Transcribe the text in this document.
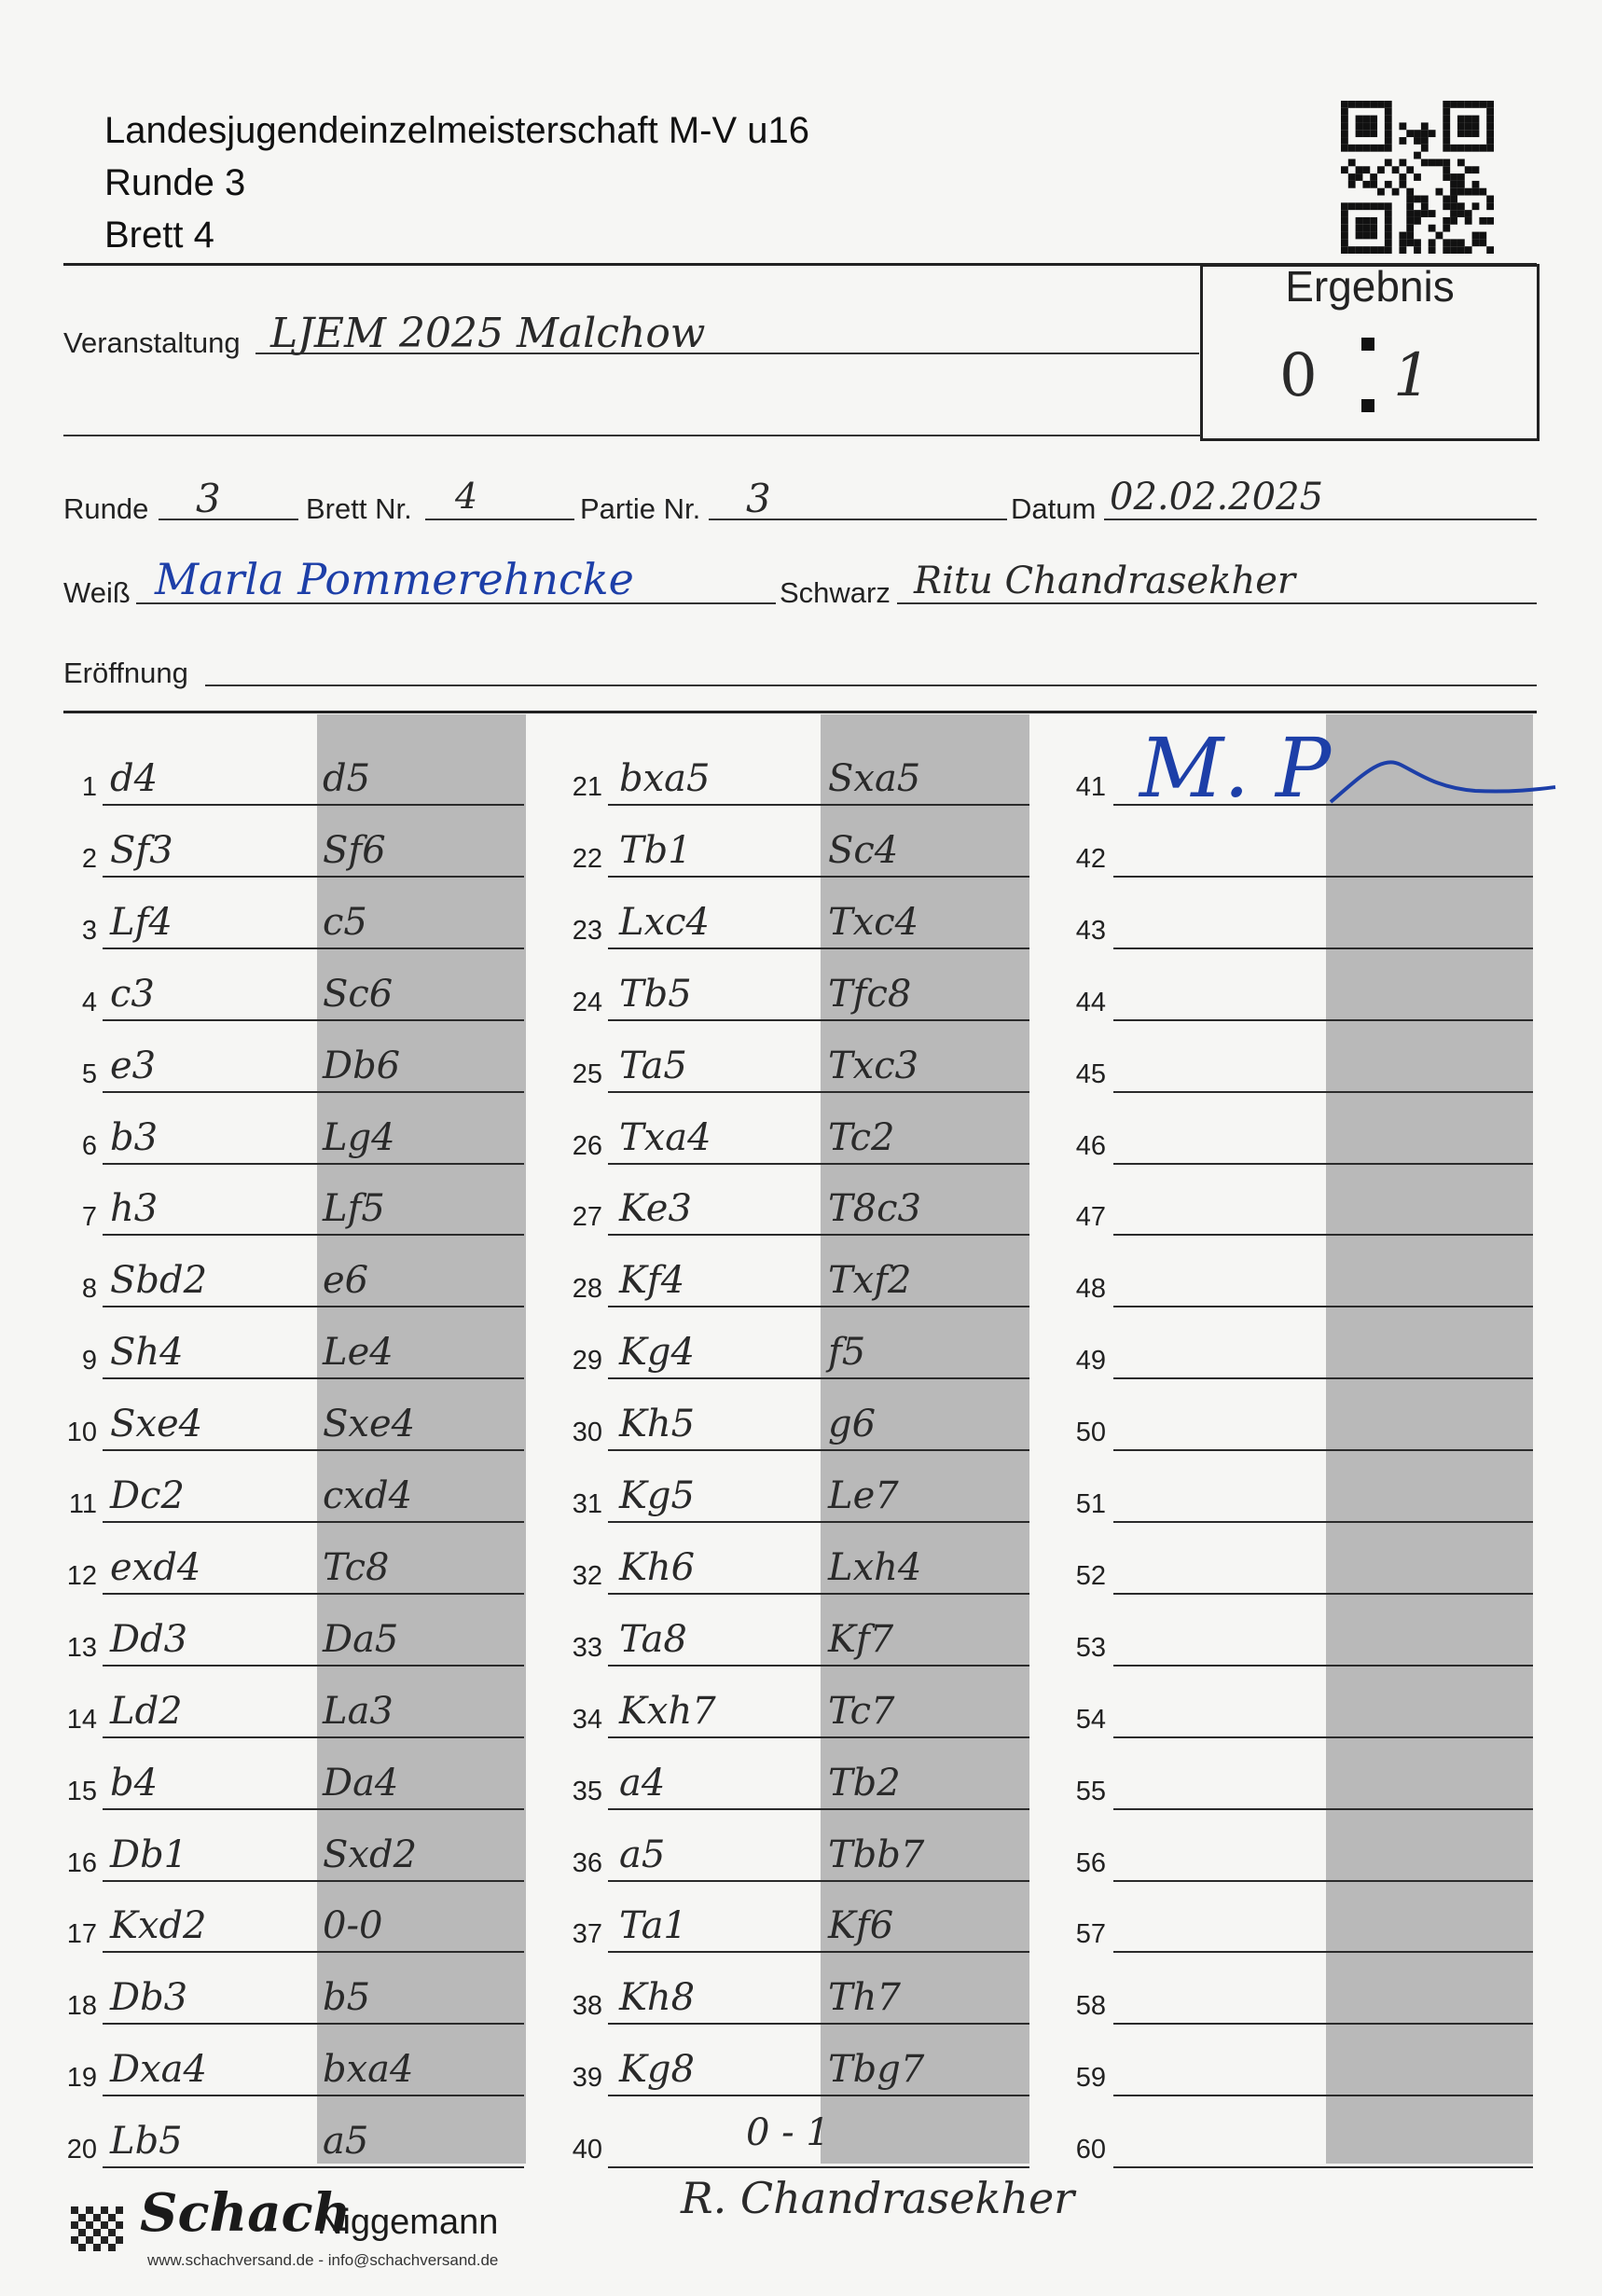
Landesjugendeinzelmeisterschaft M-V u16
Runde 3
Brett 4
Ergebnis
0 1
Veranstaltung LJEM 2025 Malchow
Runde 3	Brett Nr. 4	Partie Nr. 3	Datum 02.02.2025
Weiß Marla Pommerehncke	Schwarz Ritu Chandrasekher
Eröffnung
1 d4	d5
2 Sf3	Sf6
3 Lf4	c5
4 c3	Sc6
5 e3	Db6
6 b3	Lg4
7 h3	Lf5
8 Sbd2	e6
9 Sh4	Le4
10 Sxe4	Sxe4
11 Dc2	cxd4
12 exd4	Tc8
13 Dd3	Da5
14 Ld2	La3
15 b4	Da4
16 Db1	Sxd2
17 Kxd2	0-0
18 Db3	b5
19 Dxa4	bxa4
20 Lb5	a5
21 bxa5	Sxa5
22 Tb1	Sc4
23 Lxc4	Txc4
24 Tb5	Tfc8
25 Ta5	Txc3
26 Txa4	Tc2
27 Ke3	T8c3
28 Kf4	Txf2
29 Kg4	f5
30 Kh5	g6
31 Kg5	Le7
32 Kh6	Lxh4
33 Ta8	Kf7
34 Kxh7	Tc7
35 a4	Tb2
36 a5	Tbb7
37 Ta1	Kf6
38 Kh8	Th7
39 Kg8	Tbg7
40
41
42
43
44
45
46
47
48
49
50
51
52
53
54
55
56
57
58
59
60
0 - 1
M. P
R. Chandrasekher
Schach
Niggemann
www.schachversand.de - info@schachversand.de
